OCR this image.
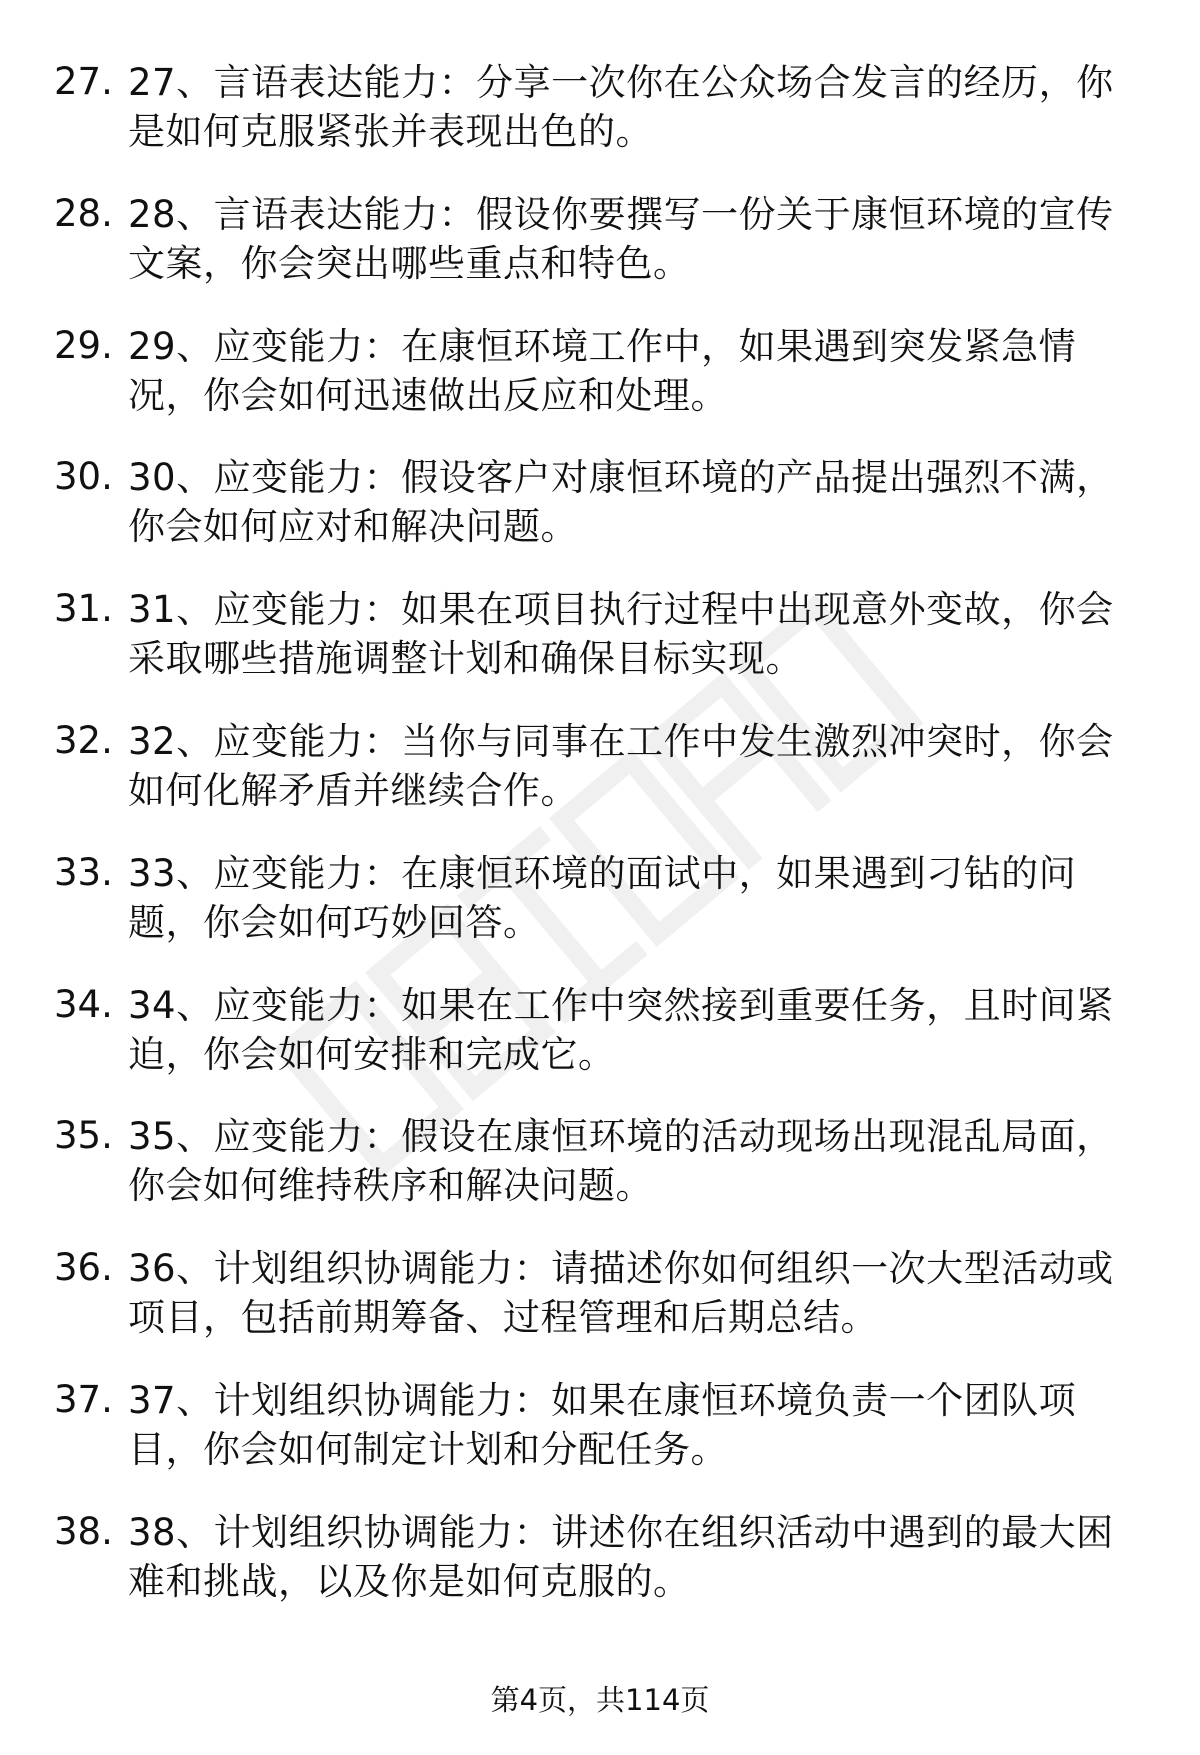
27. 27、言语表达能力：分享一次你在公众场合发言的经历，你是如何克服紧张并表现出色的。
28. 28、言语表达能力：假设你要撰写一份关于康恒环境的宣传文案，你会突出哪些重点和特色。
29. 29、应变能力：在康恒环境工作中，如果遇到突发紧急情况，你会如何迅速做出反应和处理。
30. 30、应变能力：假设客户对康恒环境的产品提出强烈不满，你会如何应对和解决问题。
31. 31、应变能力：如果在项目执行过程中出现意外变故，你会采取哪些措施调整计划和确保目标实现。
32. 32、应变能力：当你与同事在工作中发生激烈冲突时，你会如何化解矛盾并继续合作。
33. 33、应变能力：在康恒环境的面试中，如果遇到刁钻的问题，你会如何巧妙回答。
34. 34、应变能力：如果在工作中突然接到重要任务，且时间紧迫，你会如何安排和完成它。
35. 35、应变能力：假设在康恒环境的活动现场出现混乱局面，你会如何维持秩序和解决问题。
36. 36、计划组织协调能力：请描述你如何组织一次大型活动或项目，包括前期筹备、过程管理和后期总结。
37. 37、计划组织协调能力：如果在康恒环境负责一个团队项目，你会如何制定计划和分配任务。
38. 38、计划组织协调能力：讲述你在组织活动中遇到的最大困难和挑战，以及你是如何克服的。
第4页，共114页
